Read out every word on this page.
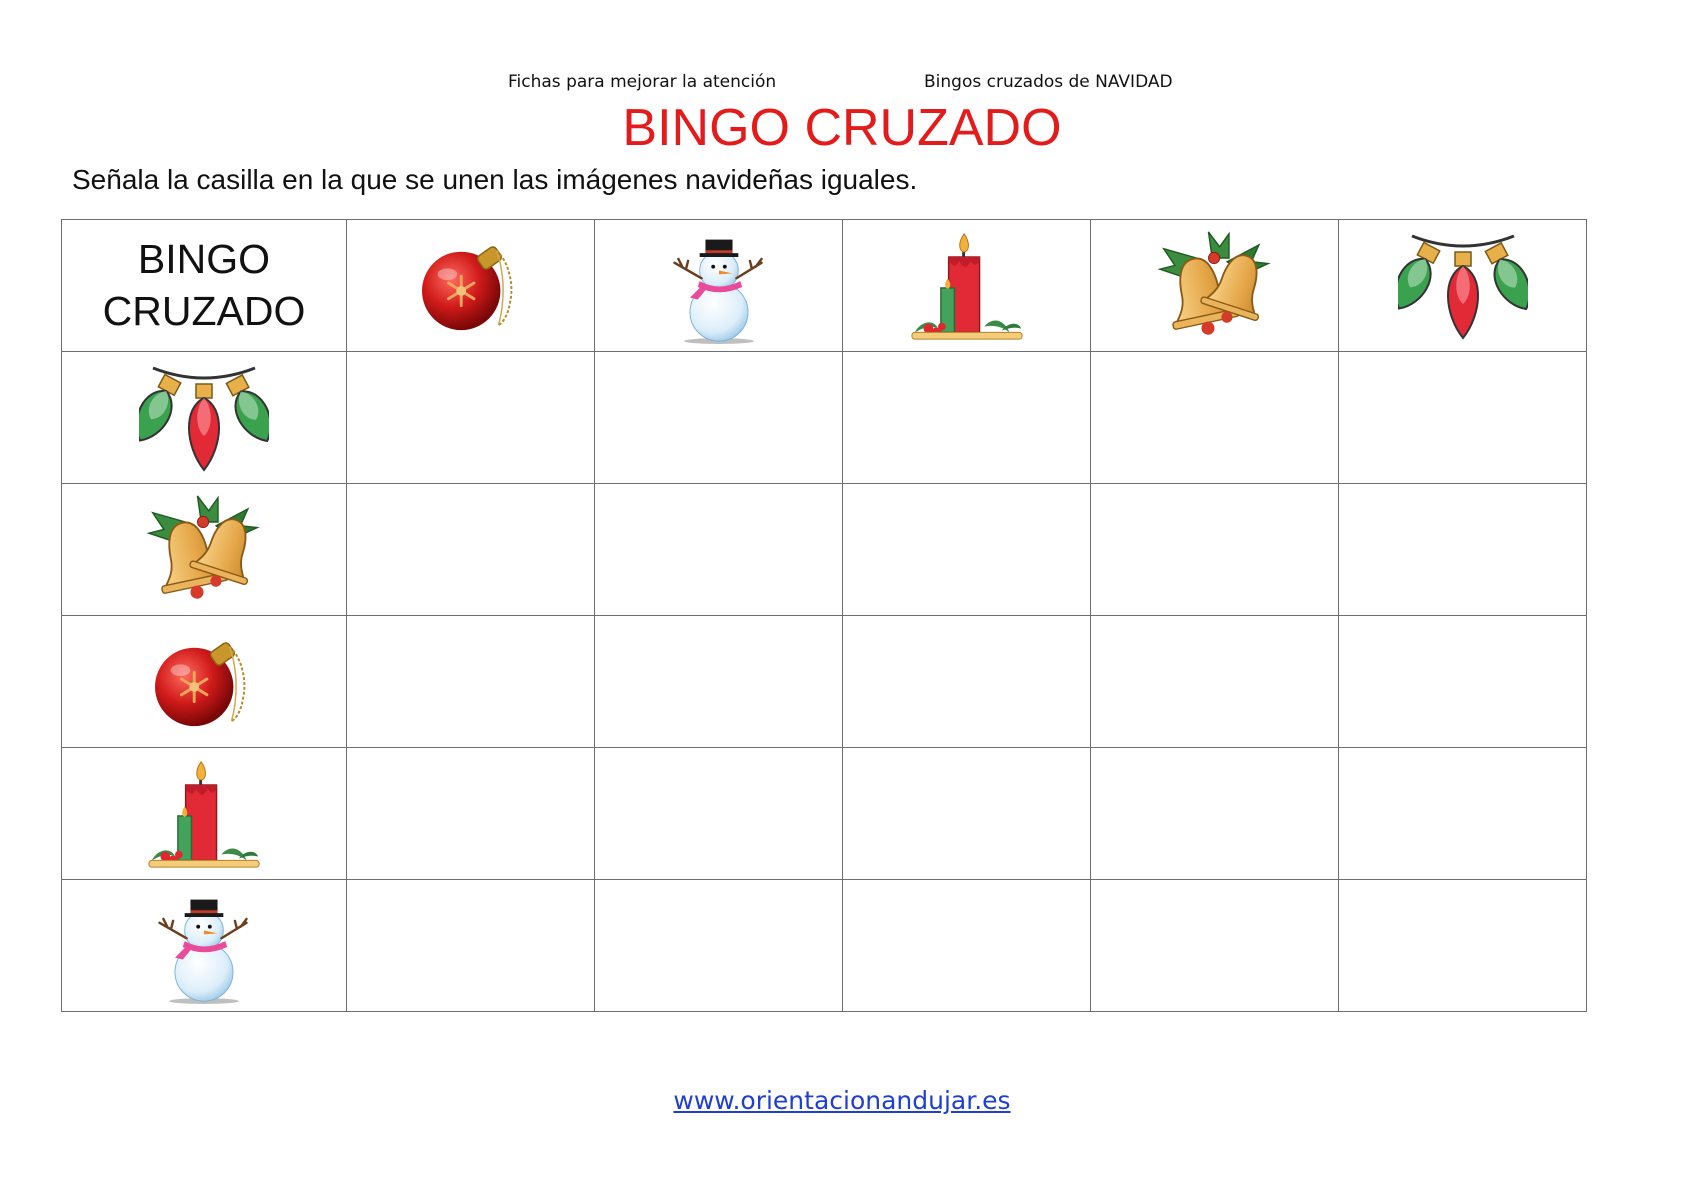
Fichas para mejorar la atención	Bingos cruzados de NAVIDAD
BINGO CRUZADO
Señala la casilla en la que se unen las imágenes navideñas iguales.
BINGO
CRUZADO

www.orientacionandujar.es
